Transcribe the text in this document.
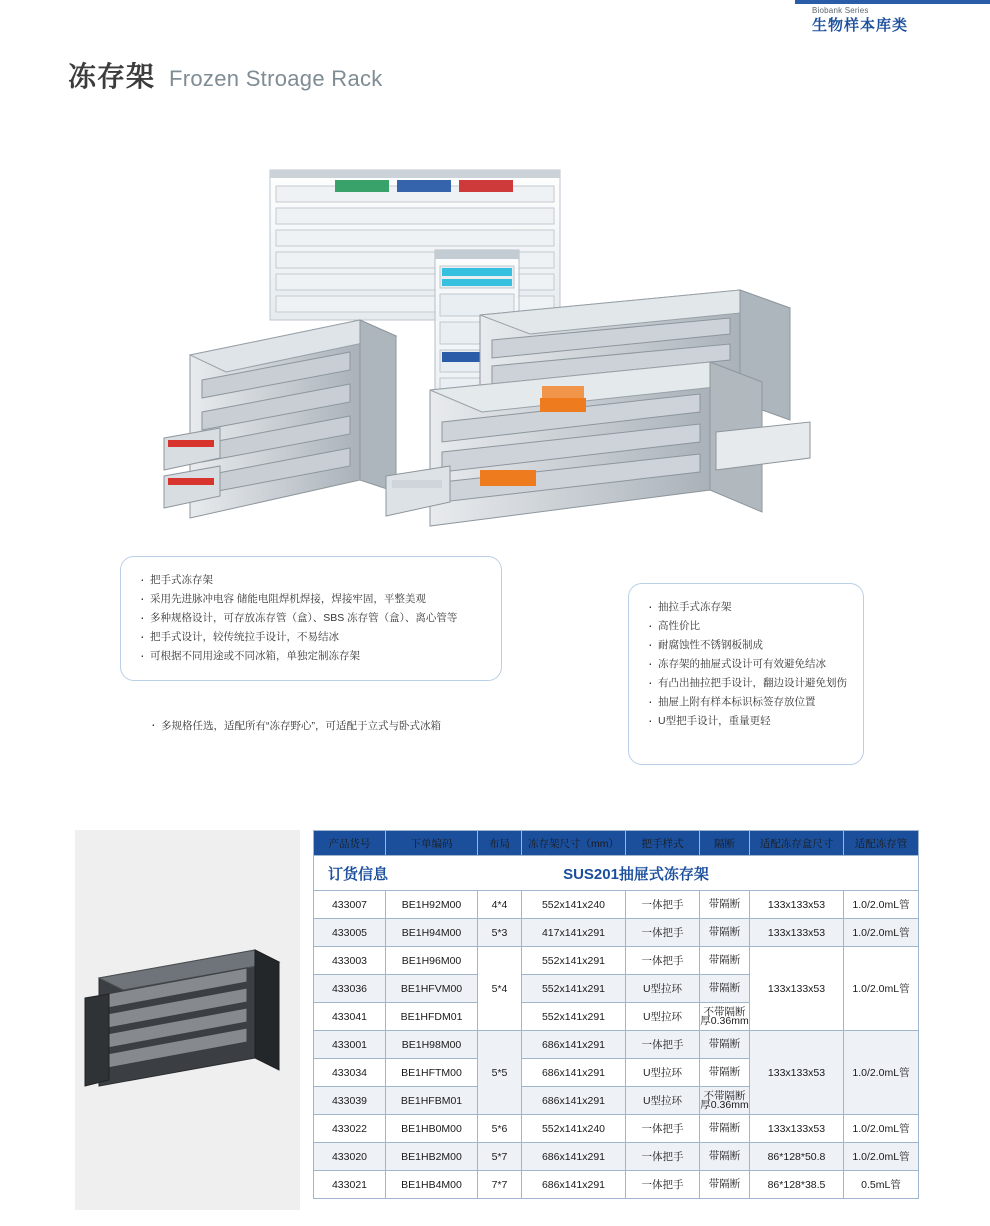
Biobank Series
生物样本库类
冻存架 Frozen Stroage Rack
· 把手式冻存架
· 采用先进脉冲电容 储能电阻焊机焊接，焊接牢固，平整美观
· 多种规格设计，可存放冻存管（盒）、SBS 冻存管（盒）、离心管等
· 把手式设计，较传统拉手设计，不易结冰
· 可根据不同用途或不同冰箱，单独定制冻存架
· 抽拉手式冻存架
· 高性价比
· 耐腐蚀性不锈钢板制成
· 冻存架的抽屉式设计可有效避免结冰
· 有凸出抽拉把手设计，翻边设计避免划伤
· 抽屉上附有样本标识标签存放位置
· U型把手设计，重量更轻
· 多规格任选，适配所有“冻存野心”，可适配于立式与卧式冰箱
订货信息 SUS201抽屉式冻存架							

产品货号	下单编码	布局	冻存架尺寸（mm）	把手样式	隔断	适配冻存盒尺寸	适配冻存管
433007	BE1H92M00	4*4	552x141x240	一体把手	带隔断	133x133x53	1.0/2.0mL管
433005	BE1H94M00	5*3	417x141x291	一体把手	带隔断	133x133x53	1.0/2.0mL管
433003	BE1H96M00	5*4	552x141x291	一体把手	带隔断	133x133x53	1.0/2.0mL管
433036	BE1HFVM00		552x141x291	U型拉环	带隔断		
433041	BE1HFDM01		552x141x291	U型拉环	不带隔断
厚0.36mm		

433001	BE1H98M00	5*5	686x141x291	一体把手	带隔断	133x133x53	1.0/2.0mL管
433034	BE1HFTM00		686x141x291	U型拉环	带隔断		
433039	BE1HFBM01		686x141x291	U型拉环	不带隔断
厚0.36mm		

433022	BE1HB0M00	5*6	552x141x240	一体把手	带隔断	133x133x53	1.0/2.0mL管
433020	BE1HB2M00	5*7	686x141x291	一体把手	带隔断	86*128*50.8	1.0/2.0mL管
433021	BE1HB4M00	7*7	686x141x291	一体把手	带隔断	86*128*38.5	0.5mL管
